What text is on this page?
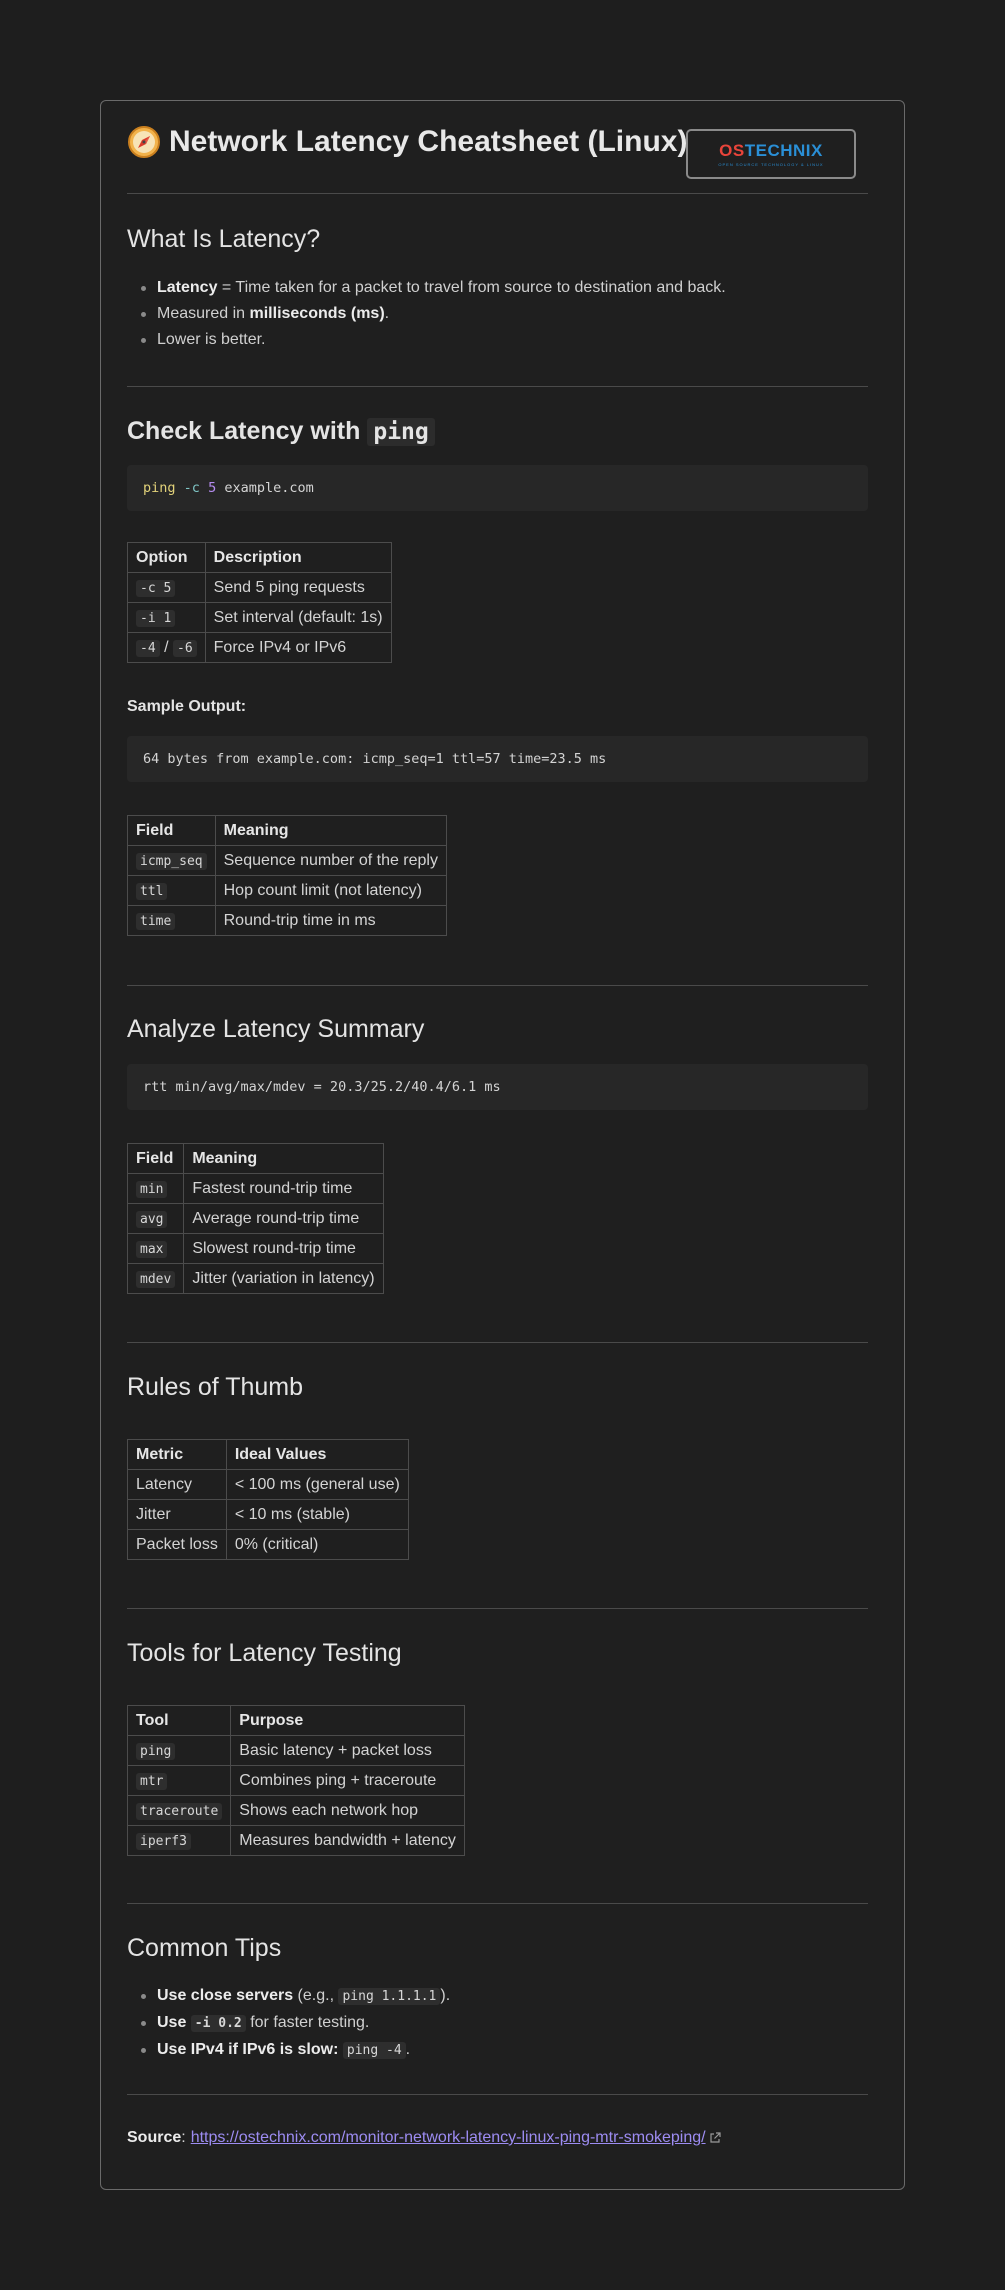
Network Latency Cheatsheet (Linux) OSTECHNIX
OPEN SOURCE TECHNOLOGY & LINUX
What Is Latency?
Latency = Time taken for a packet to travel from source to destination and back.
Measured in milliseconds (ms).
Lower is better.
Check Latency with ping
ping -c 5 example.com
Option	Description
-c 5	Send 5 ping requests
-i 1	Set interval (default: 1s)
-4 / -6	Force IPv4 or IPv6
Sample Output:
64 bytes from example.com: icmp_seq=1 ttl=57 time=23.5 ms
Field	Meaning
icmp_seq	Sequence number of the reply
ttl	Hop count limit (not latency)
time	Round-trip time in ms
Analyze Latency Summary
rtt min/avg/max/mdev = 20.3/25.2/40.4/6.1 ms
Field	Meaning
min	Fastest round-trip time
avg	Average round-trip time
max	Slowest round-trip time
mdev	Jitter (variation in latency)
Rules of Thumb
Metric	Ideal Values
Latency	< 100 ms (general use)
Jitter	< 10 ms (stable)
Packet loss	0% (critical)
Tools for Latency Testing
Tool	Purpose
ping	Basic latency + packet loss
mtr	Combines ping + traceroute
traceroute	Shows each network hop
iperf3	Measures bandwidth + latency
Common Tips
Use close servers (e.g., ping 1.1.1.1 ).
Use -i 0.2 for faster testing.
Use IPv4 if IPv6 is slow: ping -4 .
Source : https://ostechnix.com/monitor-network-latency-linux-ping-mtr-smokeping/
